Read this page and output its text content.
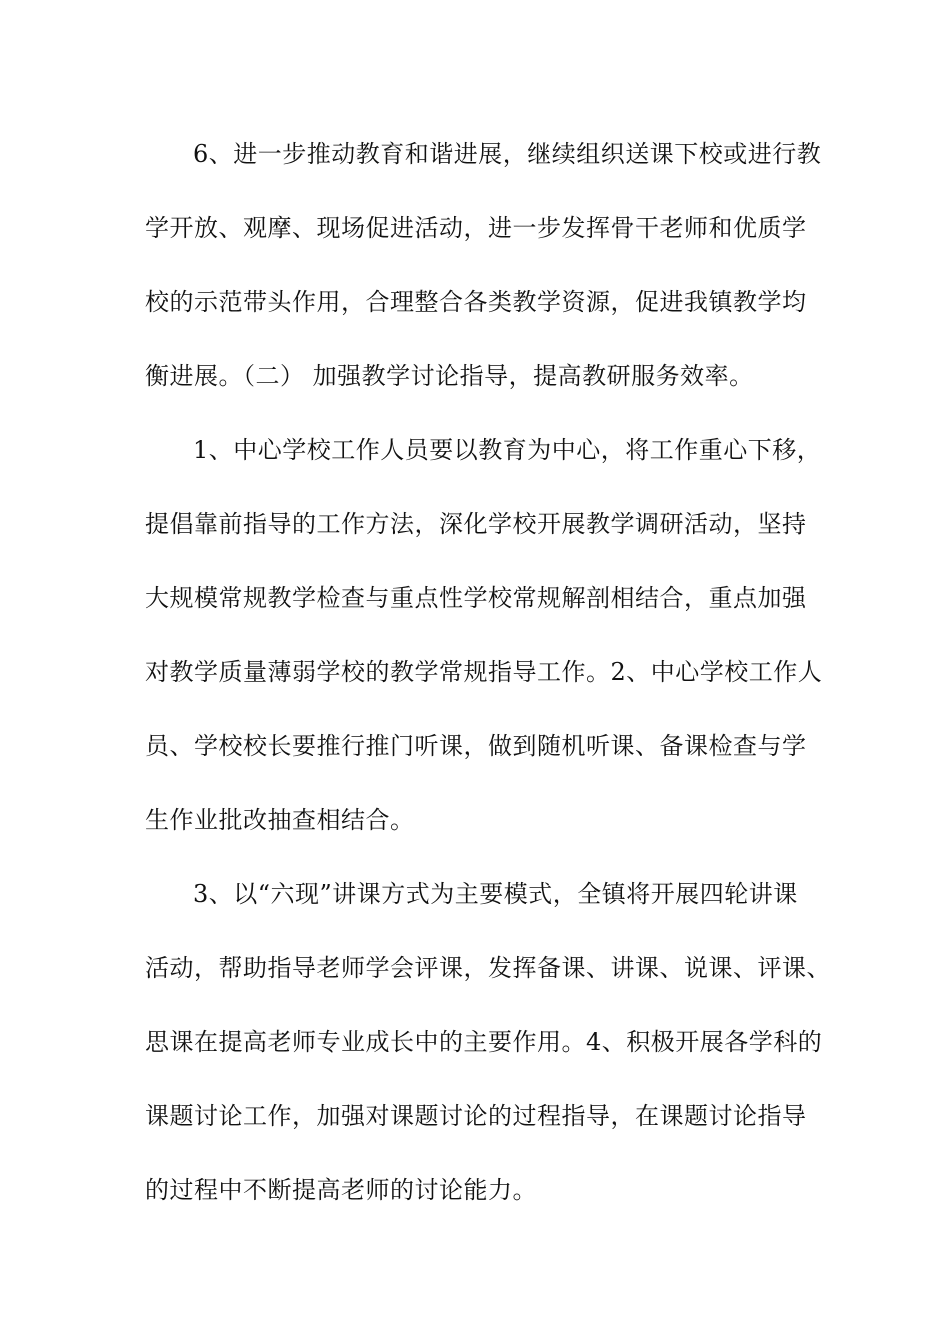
6、进一步推动教育和谐进展，继续组织送课下校或进行教
学开放、观摩、现场促进活动，进一步发挥骨干老师和优质学
校的示范带头作用，合理整合各类教学资源，促进我镇教学均
衡进展。（二） 加强教学讨论指导，提高教研服务效率。
1、中心学校工作人员要以教育为中心，将工作重心下移，
提倡靠前指导的工作方法，深化学校开展教学调研活动，坚持
大规模常规教学检查与重点性学校常规解剖相结合，重点加强
对教学质量薄弱学校的教学常规指导工作。2、中心学校工作人
员、学校校长要推行推门听课，做到随机听课、备课检查与学
生作业批改抽查相结合。
3、以“六现”讲课方式为主要模式，全镇将开展四轮讲课
活动，帮助指导老师学会评课，发挥备课、讲课、说课、评课、
思课在提高老师专业成长中的主要作用。4、积极开展各学科的
课题讨论工作，加强对课题讨论的过程指导，在课题讨论指导
的过程中不断提高老师的讨论能力。
